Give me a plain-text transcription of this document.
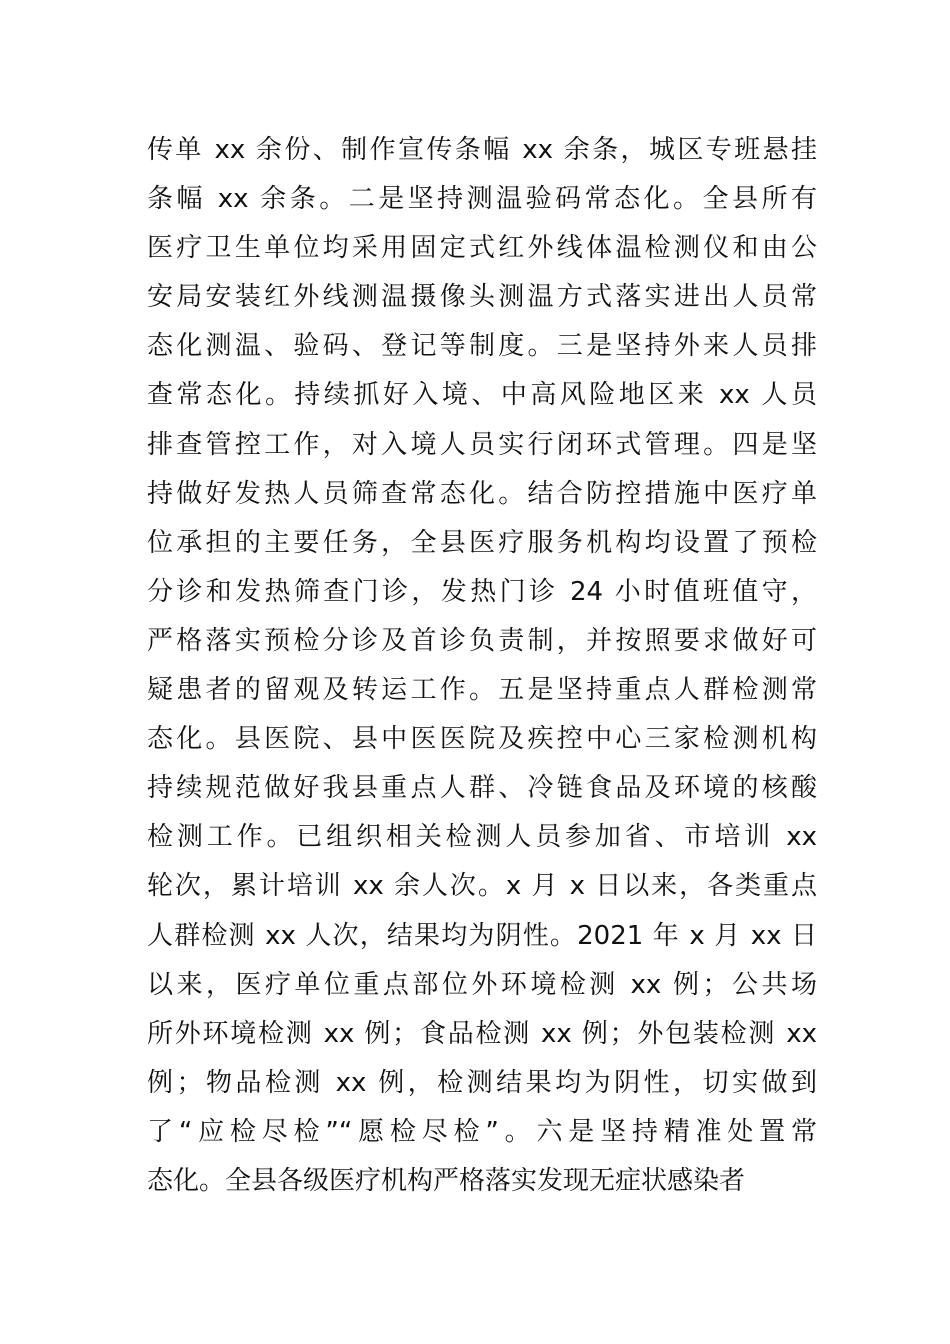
传单 xx 余份、制作宣传条幅 xx 余条，城区专班悬挂
条幅 xx 余条。二是坚持测温验码常态化。全县所有
医疗卫生单位均采用固定式红外线体温检测仪和由公
安局安装红外线测温摄像头测温方式落实进出人员常
态化测温、验码、登记等制度。三是坚持外来人员排
查常态化。持续抓好入境、中高风险地区来 xx 人员
排查管控工作，对入境人员实行闭环式管理。四是坚
持做好发热人员筛查常态化。结合防控措施中医疗单
位承担的主要任务，全县医疗服务机构均设置了预检
分诊和发热筛查门诊，发热门诊 24 小时值班值守，
严格落实预检分诊及首诊负责制，并按照要求做好可
疑患者的留观及转运工作。五是坚持重点人群检测常
态化。县医院、县中医医院及疾控中心三家检测机构
持续规范做好我县重点人群、冷链食品及环境的核酸
检测工作。已组织相关检测人员参加省、市培训 xx
轮次，累计培训 xx 余人次。x 月 x 日以来，各类重点
人群检测 xx 人次，结果均为阴性。2021 年 x 月 xx 日
以来，医疗单位重点部位外环境检测 xx 例；公共场
所外环境检测 xx 例；食品检测 xx 例；外包装检测 xx
例；物品检测 xx 例，检测结果均为阴性，切实做到
了“应检尽检”“愿检尽检”。六是坚持精准处置常
态化。全县各级医疗机构严格落实发现无症状感染者
